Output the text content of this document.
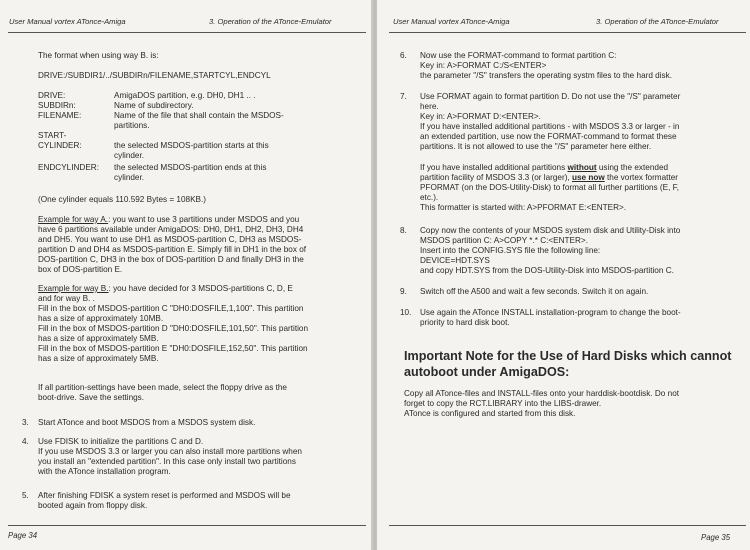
User Manual vortex ATonce-Amiga	3. Operation of the ATonce-Emulator
The format when using way B. is:
DRIVE:/SUBDIR1/../SUBDIRn/FILENAME,STARTCYL,ENDCYL
DRIVE:
SUBDIRn:
FILENAME:
START-
CYLINDER:
ENDCYLINDER:
AmigaDOS partition, e.g. DH0, DH1 .. .
Name of subdirectory.
Name of the file that shall contain the MSDOS-
partitions.
the selected MSDOS-partition starts at this
cylinder.
the selected MSDOS-partition ends at this
cylinder.
(One cylinder equals 110.592 Bytes = 108KB.)
Example for way A.: you want to use 3 partitions under MSDOS and you
have 6 partitions available under AmigaDOS: DH0, DH1, DH2, DH3, DH4
and DH5. You want to use DH1 as MSDOS-partition C, DH3 as MSDOS-
partition D and DH4 as MSDOS-partition E. Simply fill in DH1 in the box of
DOS-partition C, DH3 in the box of DOS-partition D and finally DH3 in the
box of DOS-partition E.
Example for way B.: you have decided for 3 MSDOS-partitions C, D, E
and for way B. .
Fill in the box of MSDOS-partition C "DH0:DOSFILE,1,100". This partition
has a size of approximately 10MB.
Fill in the box of MSDOS-partition D "DH0:DOSFILE,101,50". This partition
has a size of approximately 5MB.
Fill in the box of MSDOS-partition E "DH0:DOSFILE,152,50". This partition
has a size of approximately 5MB.
If all partition-settings have been made, select the floppy drive as the
boot-drive. Save the settings.
3. Start ATonce and boot MSDOS from a MSDOS system disk.
4. Use FDISK to initialize the partitions C and D.
If you use MSDOS 3.3 or larger you can also install more partitions when
you install an "extended partition". In this case only install two partitions
with the ATonce installation program.
5. After finishing FDISK a system reset is performed and MSDOS will be
booted again from floppy disk.
Page 34
User Manual vortex ATonce-Amiga	3. Operation of the ATonce-Emulator
6. Now use the FORMAT-command to format partition C:
Key in: A>FORMAT C:/S<ENTER>
the parameter "/S" transfers the operating systm files to the hard disk.
7. Use FORMAT again to format partition D. Do not use the "/S" parameter
here.
Key in: A>FORMAT D:<ENTER>.
If you have installed additional partitions - with MSDOS 3.3 or larger - in
an extended partition, use now the FORMAT-command to format these
partitions. It is not allowed to use the "/S" parameter here either.
If you have installed additional partitions without using the extended
partition facility of MSDOS 3.3 (or larger), use now the vortex formatter
PFORMAT (on the DOS-Utility-Disk) to format all further partitions (E, F,
etc.).
This formatter is started with: A>PFORMAT E:<ENTER>.
8. Copy now the contents of your MSDOS system disk and Utility-Disk into
MSDOS partition C: A>COPY *.* C:<ENTER>.
Insert into the CONFIG.SYS file the following line:
DEVICE=HDT.SYS
and copy HDT.SYS from the DOS-Utility-Disk into MSDOS-partition C.
9. Switch off the A500 and wait a few seconds. Switch it on again.
10. Use again the ATonce INSTALL installation-program to change the boot-
priority to hard disk boot.
Important Note for the Use of Hard Disks which cannot
autoboot under AmigaDOS:
Copy all ATonce-files and INSTALL-files onto your harddisk-bootdisk. Do not
forget to copy the RCT.LIBRARY into the LIBS-drawer.
ATonce is configured and started from this disk.
Page 35
